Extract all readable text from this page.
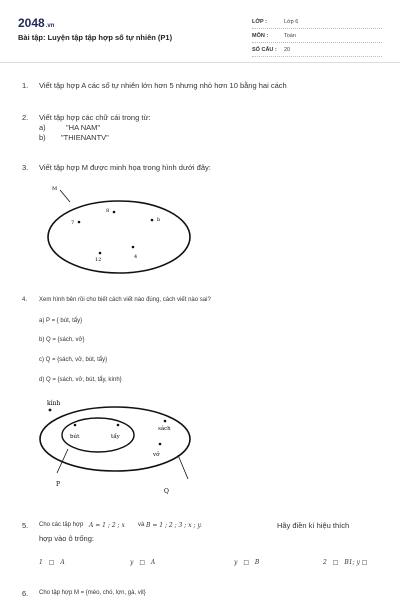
2048.vn
Bài tập: Luyện tập tập hợp số tự nhiên (P1)
LỚP :	Lớp 6
MÔN :	Toán
SỐ CÂU : 20
1. Viết tập hợp A các số tự nhiên lớn hơn 5 nhưng nhỏ hơn 10 bằng hai cách
2. Viết tập hợp các chữ cái trong từ:
a)	"HA NAM"
b) "THIENANTV"
3. Viết tập hợp M được minh họa trong hình dưới đây:
M
7
8
b
12	4
4. Xem hình bên rồi cho biết cách viết nào đúng, cách viết nào sai?
a) P = { bút, tẩy}
b) Q = {sách, vở}
c) Q = {sách, vở, bút, tẩy}
d) Q = {sách, vở, bút, tẩy, kính}
kính
bút	tẩy
sách
vở
P
Q
5. Cho các tập hợp A = 1 ; 2 ; x và B = 1 ; 2 ; 3 ; x ; y.	Hãy điền kí hiệu thích
hợp vào ô trống:
1 □ A	y □ A	y □ B	2 □ B1; y □
6. Cho tập hợp M = {mèo, chó, lợn, gà, vịt}
